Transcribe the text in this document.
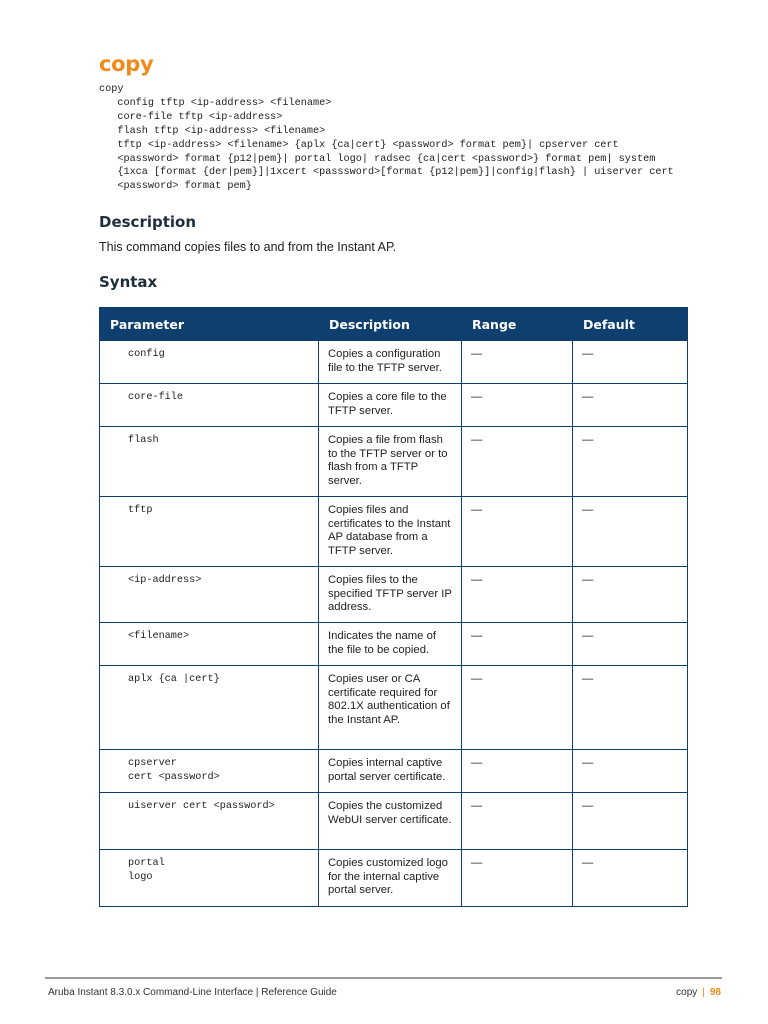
copy
copy
config tftp <ip-address> <filename>
core-file tftp <ip-address>
flash tftp <ip-address> <filename>
tftp <ip-address> <filename> {aplx {ca|cert} <password> format pem}| cpserver cert
<password> format {p12|pem}| portal logo| radsec {ca|cert <password>} format pem| system
{1xca [format {der|pem}]|1xcert <passsword>[format {p12|pem}]|config|flash} | uiserver cert
<password> format pem}
Description

This command copies files to and from the Instant AP.

Syntax
Parameter	Description	Range	Default
config	Copies a configuration file to the TFTP server.	—	—
core-file	Copies a core file to the TFTP server.	—	—
flash	Copies a file from flash to the TFTP server or to flash from a TFTP server.	—	—
tftp	Copies files and certificates to the Instant AP database from a TFTP server.	—	—
<ip-address>	Copies files to the specified TFTP server IP address.	—	—
<filename>	Indicates the name of the file to be copied.	—	—
aplx {ca |cert}	Copies user or CA certificate required for 802.1X authentication of the Instant AP.	—	—
cpserver
cert <password>	Copies internal captive portal server certificate.	—	—
uiserver cert <password>	Copies the customized WebUI server certificate.	—	—
portal
logo	Copies customized logo for the internal captive portal server.	—	—
Aruba Instant 8.3.0.x Command-Line Interface | Reference Guide	copy | 98
